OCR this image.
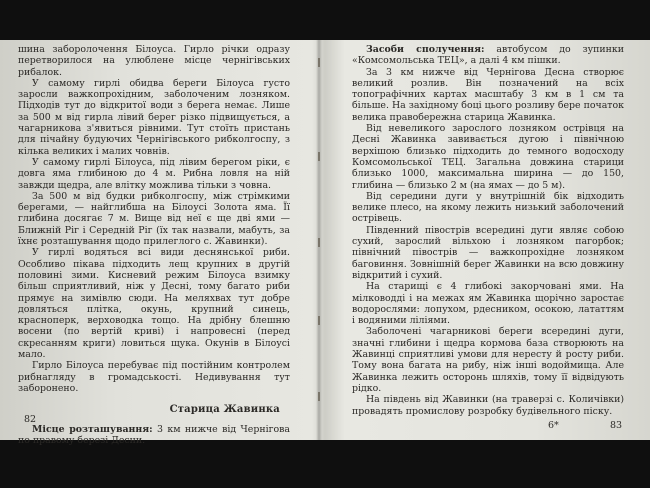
шина заборолочення Білоуса. Гирло річки одразу перетворилося на улюблене місце чернігівських рибалок.

У самому гирлі обидва береги Білоуса густо заросли важкопрохідним, заболоченим лозняком. Підходів тут до відкритої води з берега немає. Лише за 500 м від гирла лівий берег різко підвищується, а чагарникова з'явиться рівними. Тут стоїть пристань для пічайну будуючих Чернігівського рибколгоспу, з кілька великих і малих човнів.

У самому гирлі Білоуса, під лівим берегом ріки, є довга яма глибиною до 4 м. Рибна ловля на ній завжди щедра, але влітку можлива тільки з човна.

За 500 м від будки рибколгоспу, між стрімкими берегами, — найглибша на Білоусі Золота яма. Її глибина досягає 7 м. Вище від неї є ще дві ями — Ближній Ріг і Середній Ріг (їх так назвали, мабуть, за їхнє розташування щодо прилеглого с. Жавинки).

У гирлі водяться всі види деснянської риби. Особливо пікава підходить лещ крупних в другій половині зими. Кисневий режим Білоуса взимку більш сприятливий, ніж у Десні, тому багато риби прямує на зимівлю сюди. На меляхвах тут добре довляться плітка, окунь, крупний синець, красноперк, верховодка тощо. На дрібну блешню восени (по вертій криві) і напровесні (перед скресанням криги) ловиться щука. Окунів в Білоусі мало.

Гирло Білоуса перебуває під постійним контролем рибнагляду в громадськості. Недивування тут заборонено.

Старица Жавинка

Місце розташування: 3 км нижче від Чернігова по правому березі Десни.

82

Засоби сполучення: автобусом до зупинки «Комсомольська ТЕЦ», а далі 4 км пішки.

За 3 км нижче від Чернігова Десна створює великий розлив. Він позначений на всіх топографічних картах масштабу 3 км в 1 см та більше. На західному боці цього розливу бере початок велика правобережна старица Жавинка.

Від невеликого зарослого лозняком острівця на Десні Жавинка завивається дугою і північною верхішою близько підходить до темного водосходу Комсомольської ТЕЦ. Загальна довжина старици близько 1000, максимальна ширина — до 150, глибина — близько 2 м (на ямах — до 5 м).

Від середини дуги у внутрішній бік відходить велике плесо, на якому лежить низький заболочений острівець.

Південний півострів всередині дуги являє собою сухий, зарослий вільхою і лозняком пагорбок; північний півострів — важкопрохідне лозняком баговиння. Зовнішній берег Жавинки на всю довжину відкритий і сухий.

На старищі є 4 глибокі закорчовані ями. На мілководді і на межах ям Жавинка щорічно заростає водорослями: лопухом, рдесником, осокою, лататтям і водяними ліліями.

Заболочені чагарникові береги всередині дуги, значні глибини і щедра кормова база створюють на Жавинці сприятливі умови для нересту й росту риби. Тому вона багата на рибу, ніж інші водоймища. Але Жавинка лежить осторонь шляхів, тому її відвідують рідко.

На південь від Жавинки (на траверзі с. Количівки) провадять промислову розробку будівельного піску.

6*	83
